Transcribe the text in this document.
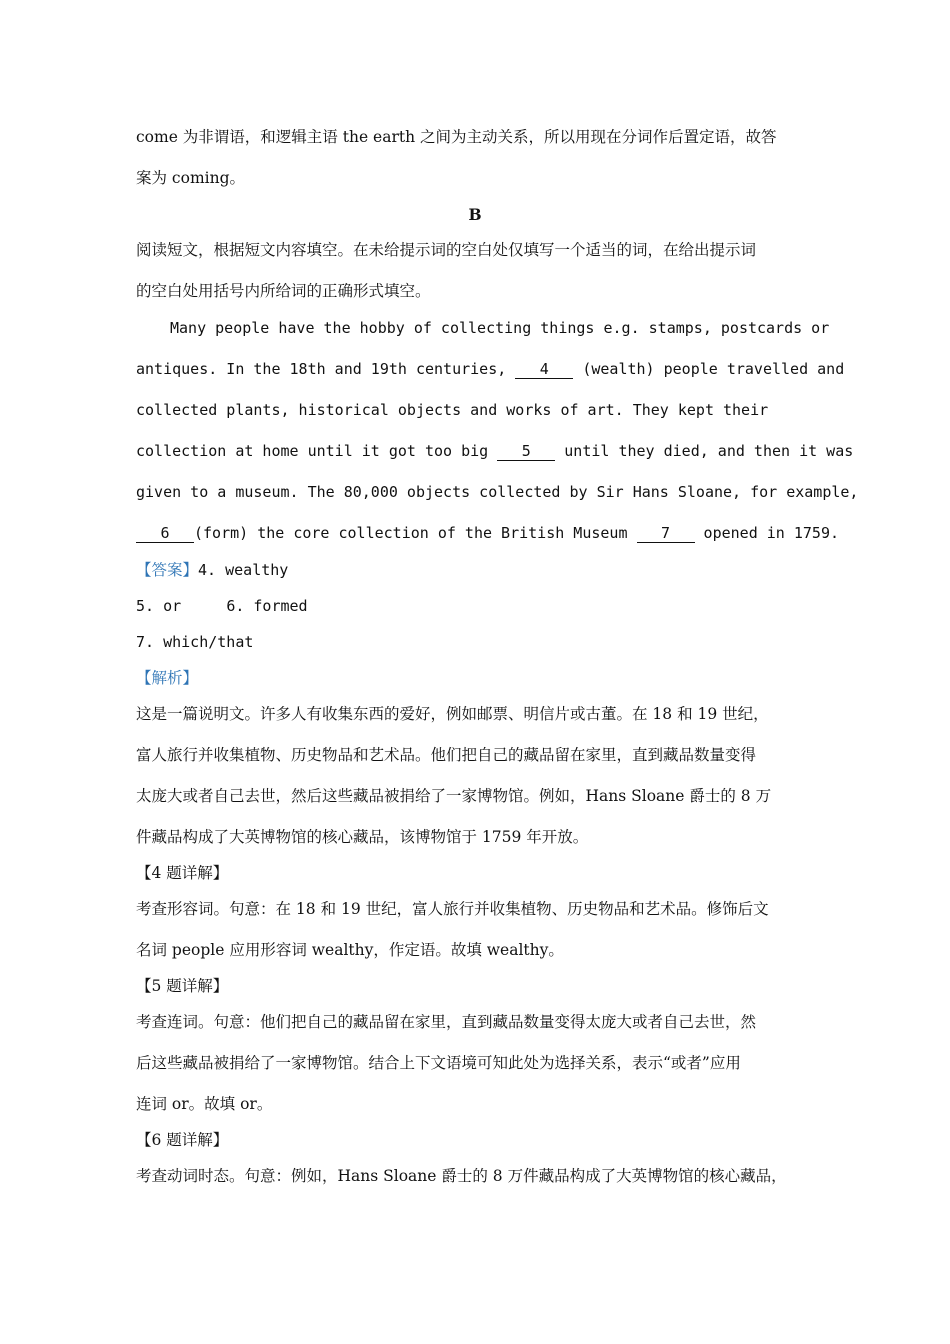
come 为非谓语，和逻辑主语 the earth 之间为主动关系，所以用现在分词作后置定语，故答
案为 coming。
B
阅读短文，根据短文内容填空。在未给提示词的空白处仅填写一个适当的词，在给出提示词
的空白处用括号内所给词的正确形式填空。
Many people have the hobby of collecting things e.g. stamps, postcards or
antiques. In the 18th and 19th centuries, 4 (wealth) people travelled and
collected plants, historical objects and works of art. They kept their
collection at home until it got too big 5 until they died, and then it was
given to a museum. The 80,000 objects collected by Sir Hans Sloane, for example,
6 (form) the core collection of the British Museum 7 opened in 1759.
【答案】4. wealthy
5. or	6. formed
7. which/that
【解析】
这是一篇说明文。许多人有收集东西的爱好，例如邮票、明信片或古董。在 18 和 19 世纪，
富人旅行并收集植物、历史物品和艺术品。他们把自己的藏品留在家里，直到藏品数量变得
太庞大或者自己去世，然后这些藏品被捐给了一家博物馆。例如，Hans Sloane 爵士的 8 万
件藏品构成了大英博物馆的核心藏品，该博物馆于 1759 年开放。
【4 题详解】
考查形容词。句意：在 18 和 19 世纪，富人旅行并收集植物、历史物品和艺术品。修饰后文
名词 people 应用形容词 wealthy，作定语。故填 wealthy。
【5 题详解】
考查连词。句意：他们把自己的藏品留在家里，直到藏品数量变得太庞大或者自己去世，然
后这些藏品被捐给了一家博物馆。结合上下文语境可知此处为选择关系，表示“或者”应用
连词 or。故填 or。
【6 题详解】
考查动词时态。句意：例如，Hans Sloane 爵士的 8 万件藏品构成了大英博物馆的核心藏品，
